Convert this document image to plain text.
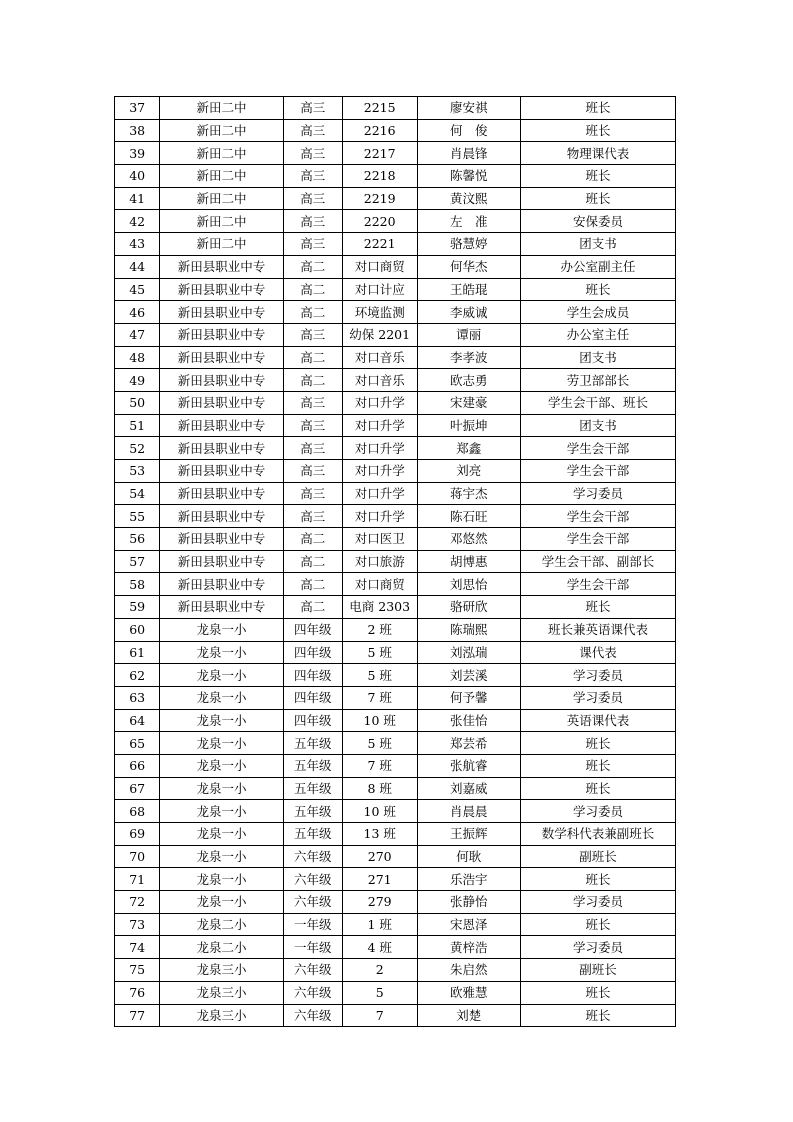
37	新田二中	高三	2215	廖安祺	班长
38	新田二中	高三	2216	何　俊	班长
39	新田二中	高三	2217	肖晨锋	物理课代表
40	新田二中	高三	2218	陈馨悦	班长
41	新田二中	高三	2219	黄汶熙	班长
42	新田二中	高三	2220	左　准	安保委员
43	新田二中	高三	2221	骆慧婷	团支书
44	新田县职业中专	高二	对口商贸	何华杰	办公室副主任
45	新田县职业中专	高二	对口计应	王皓琨	班长
46	新田县职业中专	高二	环境监测	李威诚	学生会成员
47	新田县职业中专	高三	幼保 2201	谭丽	办公室主任
48	新田县职业中专	高二	对口音乐	李孝波	团支书
49	新田县职业中专	高二	对口音乐	欧志勇	劳卫部部长
50	新田县职业中专	高三	对口升学	宋建豪	学生会干部、班长
51	新田县职业中专	高三	对口升学	叶振坤	团支书
52	新田县职业中专	高三	对口升学	郑鑫	学生会干部
53	新田县职业中专	高三	对口升学	刘亮	学生会干部
54	新田县职业中专	高三	对口升学	蒋宇杰	学习委员
55	新田县职业中专	高三	对口升学	陈石旺	学生会干部
56	新田县职业中专	高二	对口医卫	邓悠然	学生会干部
57	新田县职业中专	高二	对口旅游	胡博惠	学生会干部、副部长
58	新田县职业中专	高二	对口商贸	刘思怡	学生会干部
59	新田县职业中专	高二	电商 2303	骆研欣	班长
60	龙泉一小	四年级	2 班	陈瑞熙	班长兼英语课代表
61	龙泉一小	四年级	5 班	刘泓瑞	课代表
62	龙泉一小	四年级	5 班	刘芸溪	学习委员
63	龙泉一小	四年级	7 班	何予馨	学习委员
64	龙泉一小	四年级	10 班	张佳怡	英语课代表
65	龙泉一小	五年级	5 班	郑芸希	班长
66	龙泉一小	五年级	7 班	张航睿	班长
67	龙泉一小	五年级	8 班	刘嘉威	班长
68	龙泉一小	五年级	10 班	肖晨晨	学习委员
69	龙泉一小	五年级	13 班	王振辉	数学科代表兼副班长
70	龙泉一小	六年级	270	何耿	副班长
71	龙泉一小	六年级	271	乐浩宇	班长
72	龙泉一小	六年级	279	张静怡	学习委员
73	龙泉二小	一年级	1 班	宋恩泽	班长
74	龙泉二小	一年级	4 班	黄梓浩	学习委员
75	龙泉三小	六年级	2	朱启然	副班长
76	龙泉三小	六年级	5	欧雅慧	班长
77	龙泉三小	六年级	7	刘楚	班长
